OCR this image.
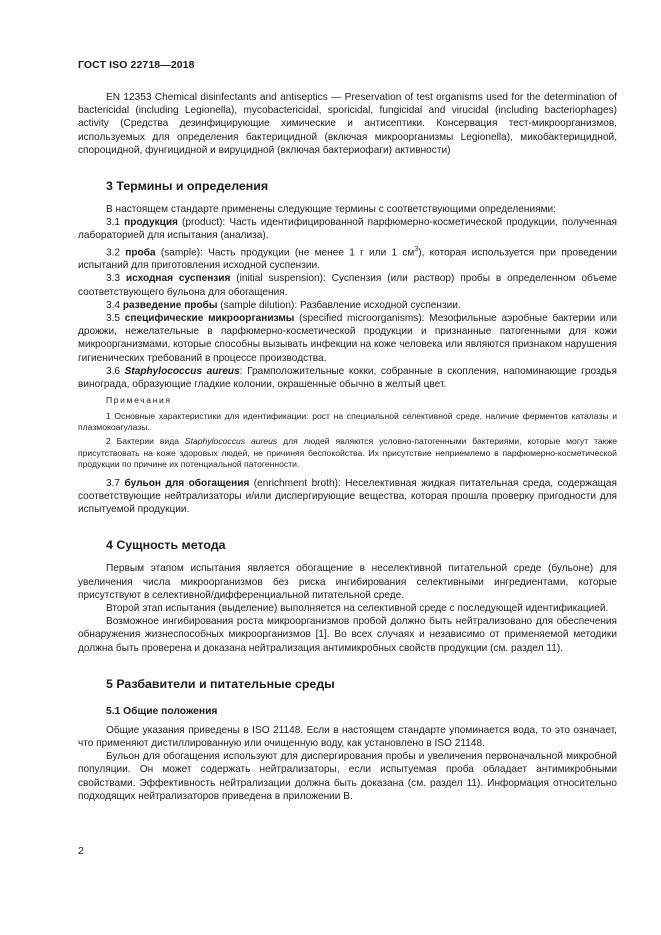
ГОСТ ISO 22718—2018

EN 12353 Chemical disinfectants and antiseptics — Preservation of test organisms used for the determination of bactericidal (including Legionella), mycobactericidal, sporicidal, fungicidal and virucidal (including bacteriophages) activity (Средства дезинфицирующие химические и антисептики. Консервация тест-микроорганизмов, используемых для определения бактерицидной (включая микроорганизмы Legionella), микобактерицидной, спороцидной, фунгицидной и вируцидной (включая бактериофаги) активности)

3 Термины и определения

В настоящем стандарте применены следующие термины с соответствующими определениями:

3.1 продукция (product): Часть идентифицированной парфюмерно-косметической продукции, полученная лабораторией для испытания (анализа).

3.2 проба (sample): Часть продукции (не менее 1 г или 1 $см^3$), которая используется при проведении испытаний для приготовления исходной суспензии.

3.3 исходная суспензия (initial suspension): Суспензия (или раствор) пробы в определенном объеме соответствующего бульона для обогащения.

3.4 разведение пробы (sample dilution): Разбавление исходной суспензии.

3.5 специфические микроорганизмы (specified microorganisms): Мезофильные аэробные бактерии или дрожжи, нежелательные в парфюмерно-косметической продукции и признанные патогенными для кожи микроорганизмами, которые способны вызывать инфекции на коже человека или являются признаком нарушения гигиенических требований в процессе производства.

3.6 Staphylococcus aureus: Грамположительные кокки, собранные в скопления, напоминающие гроздья винограда, образующие гладкие колонии, окрашенные обычно в желтый цвет.

Примечания

1 Основные характеристики для идентификации: рост на специальной селективной среде, наличие ферментов каталазы и плазмокоагулазы.

2 Бактерии вида Staphylococcus aureus для людей являются условно-патогенными бактериями, которые могут также присутствовать на коже здоровых людей, не причиняя беспокойства. Их присутствие неприемлемо в парфюмерно-косметической продукции по причине их потенциальной патогенности.

3.7 бульон для обогащения (enrichment broth): Неселективная жидкая питательная среда, содержащая соответствующие нейтрализаторы и/или диспергирующие вещества, которая прошла проверку пригодности для испытуемой продукции.

4 Сущность метода

Первым этапом испытания является обогащение в неселективной питательной среде (бульоне) для увеличения числа микроорганизмов без риска ингибирования селективными ингредиентами, которые присутствуют в селективной/дифференциальной питательной среде.

Второй этап испытания (выделение) выполняется на селективной среде с последующей идентификацией.

Возможное ингибирования роста микроорганизмов пробой должно быть нейтрализовано для обеспечения обнаружения жизнеспособных микроорганизмов [1]. Во всех случаях и независимо от применяемой методики должна быть проверена и доказана нейтрализация антимикробных свойств продукции (см. раздел 11).

5 Разбавители и питательные среды
5.1 Общие положения

Общие указания приведены в ISO 21148. Если в настоящем стандарте упоминается вода, то это означает, что применяют дистиллированную или очищенную воду, как установлено в ISO 21148.

Бульон для обогащения используют для диспергирования пробы и увеличения первоначальной микробной популяции. Он может содержать нейтрализаторы, если испытуемая проба обладает антимикробными свойствами. Эффективность нейтрализации должна быть доказана (см. раздел 11). Информация относительно подходящих нейтрализаторов приведена в приложении В.

2
